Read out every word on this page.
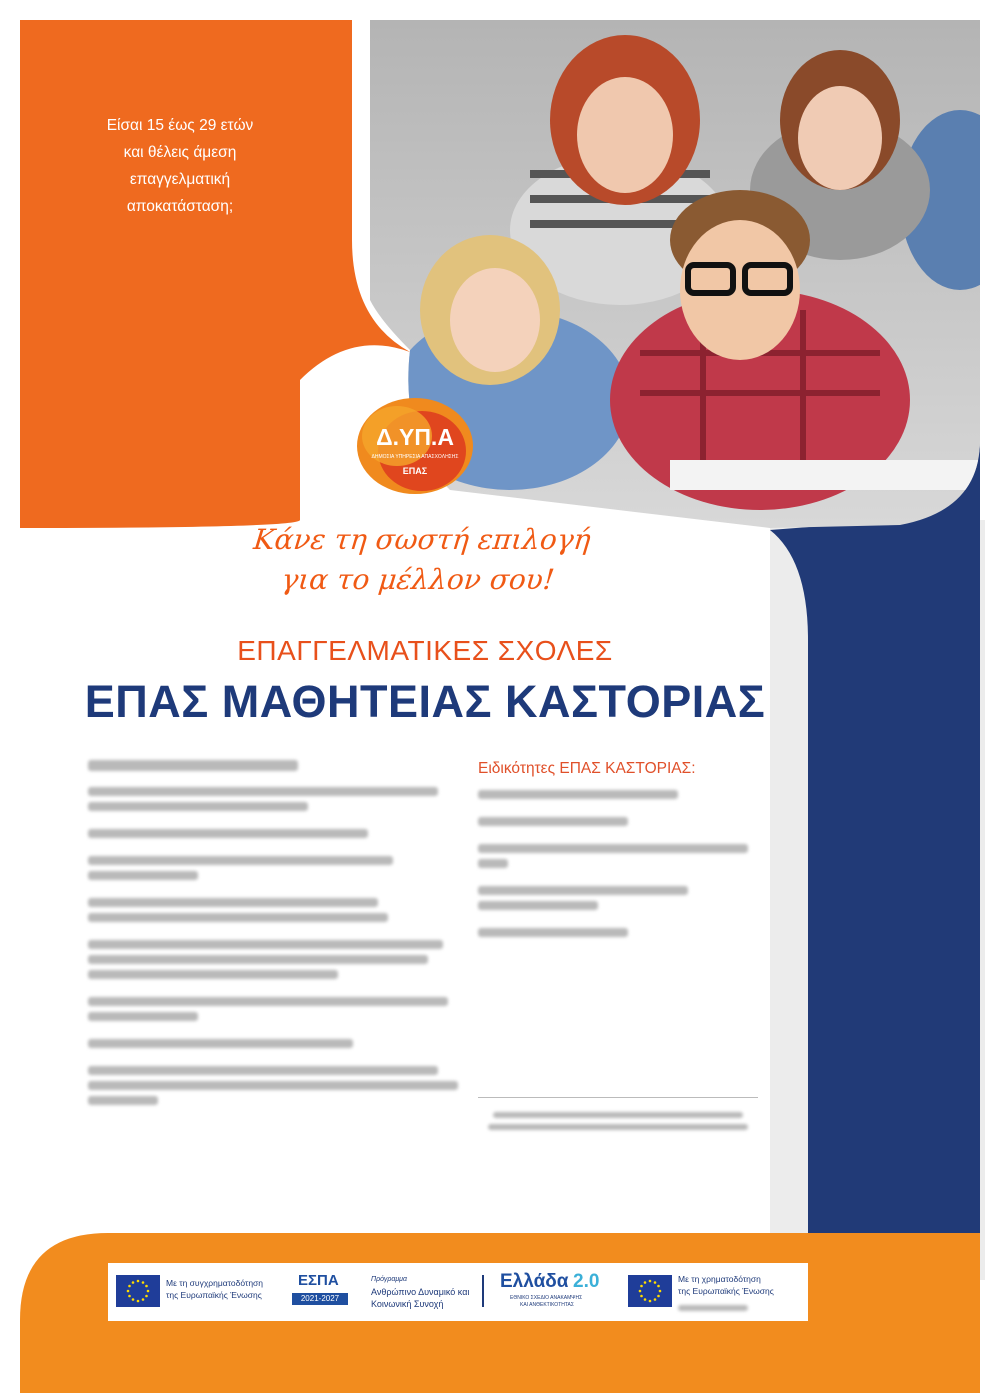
Είσαι 15 έως 29 ετών
και θέλεις άμεση
επαγγελματική
αποκατάσταση;
Δ.ΥΠ.Α
ΔΗΜΟΣΙΑ ΥΠΗΡΕΣΙΑ ΑΠΑΣΧΟΛΗΣΗΣ
ΕΠΑΣ
Κάνε τη σωστή επιλογή
για το μέλλον σου!
ΕΠΑΓΓΕΛΜΑΤΙΚΕΣ ΣΧΟΛΕΣ
ΕΠΑΣ ΜΑΘΗΤΕΙΑΣ ΚΑΣΤΟΡΙΑΣ
Ειδικότητες ΕΠΑΣ ΚΑΣΤΟΡΙΑΣ:
Με τη συγχρηματοδότηση
της Ευρωπαϊκής Ένωσης
ΕΣΠΑ
2021-2027
Πρόγραμμα
Ανθρώπινο Δυναμικό και
Κοινωνική Συνοχή
Ελλάδα 2.0
ΕΘΝΙΚΟ ΣΧΕΔΙΟ ΑΝΑΚΑΜΨΗΣ
ΚΑΙ ΑΝΘΕΚΤΙΚΟΤΗΤΑΣ
Με τη χρηματοδότηση
της Ευρωπαϊκής Ένωσης
